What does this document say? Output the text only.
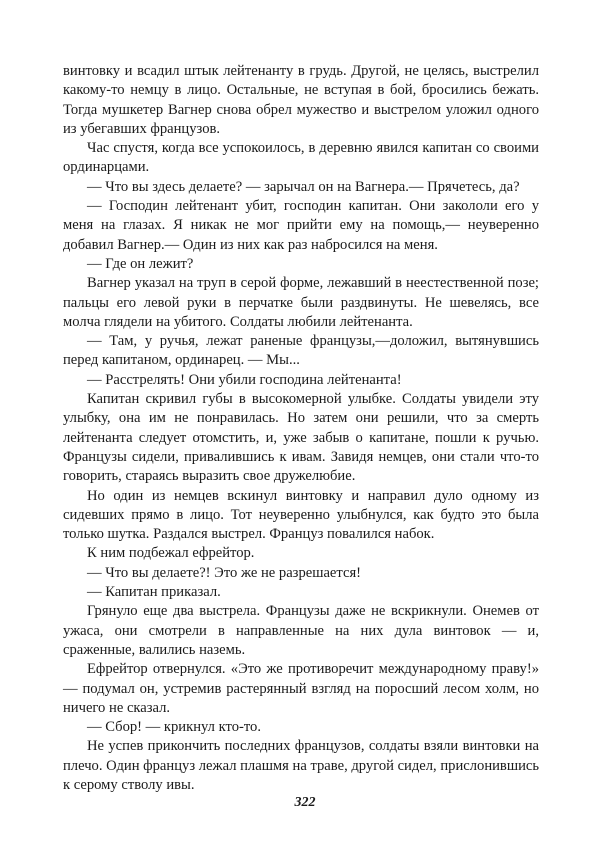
винтовку и всадил штык лейтенанту в грудь. Другой, не целясь, выстрелил какому-то немцу в лицо. Остальные, не вступая в бой, бросились бежать. Тогда мушкетер Вагнер снова обрел мужество и выстрелом уложил одного из убегавших французов.

Час спустя, когда все успокоилось, в деревню явился капитан со своими ординарцами.

— Что вы здесь делаете? — зарычал он на Вагнера.— Прячетесь, да?

— Господин лейтенант убит, господин капитан. Они закололи его у меня на глазах. Я никак не мог прийти ему на помощь,— неуверенно добавил Вагнер.— Один из них как раз набросился на меня.

— Где он лежит?

Вагнер указал на труп в серой форме, лежавший в неестественной позе; пальцы его левой руки в перчатке были раздвинуты. Не шевелясь, все молча глядели на убитого. Солдаты любили лейтенанта.

— Там, у ручья, лежат раненые французы,—доложил, вытянувшись перед капитаном, ординарец. — Мы...

— Расстрелять! Они убили господина лейтенанта!

Капитан скривил губы в высокомерной улыбке. Солдаты увидели эту улыбку, она им не понравилась. Но затем они решили, что за смерть лейтенанта следует отомстить, и, уже забыв о капитане, пошли к ручью. Французы сидели, привалившись к ивам. Завидя немцев, они стали что-то говорить, стараясь выразить свое дружелюбие.

Но один из немцев вскинул винтовку и направил дуло одному из сидевших прямо в лицо. Тот неуверенно улыбнулся, как будто это была только шутка. Раздался выстрел. Француз повалился набок.

К ним подбежал ефрейтор.

— Что вы делаете?! Это же не разрешается!

— Капитан приказал.

Грянуло еще два выстрела. Французы даже не вскрикнули. Онемев от ужаса, они смотрели в направленные на них дула винтовок — и, сраженные, валились наземь.

Ефрейтор отвернулся. «Это же противоречит международному праву!» — подумал он, устремив растерянный взгляд на поросший лесом холм, но ничего не сказал.

— Сбор! — крикнул кто-то.

Не успев прикончить последних французов, солдаты взяли винтовки на плечо. Один француз лежал плашмя на траве, другой сидел, прислонившись к серому стволу ивы.

322
